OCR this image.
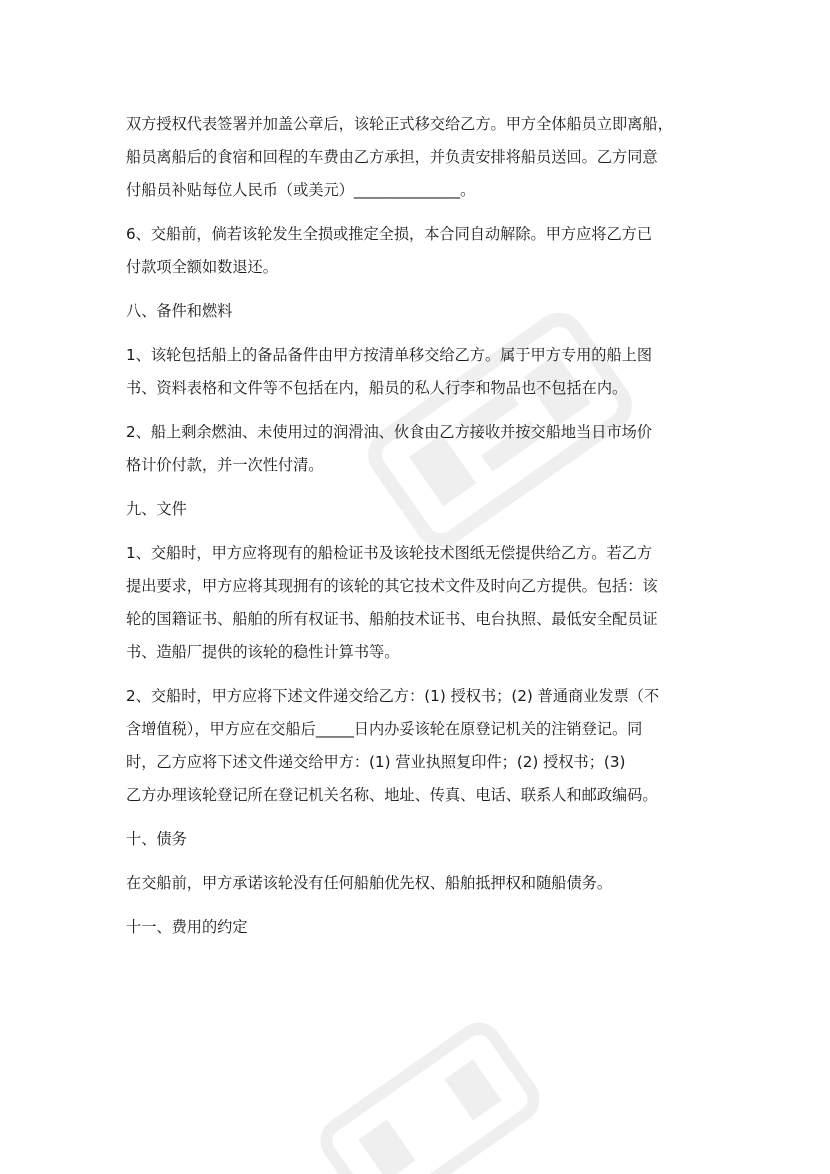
双方授权代表签署并加盖公章后，该轮正式移交给乙方。甲方全体船员立即离船，
船员离船后的食宿和回程的车费由乙方承担，并负责安排将船员送回。乙方同意
付船员补贴每位人民币（或美元）______________。
6、交船前，倘若该轮发生全损或推定全损，本合同自动解除。甲方应将乙方已
付款项全额如数退还。
八、备件和燃料
1、该轮包括船上的备品备件由甲方按清单移交给乙方。属于甲方专用的船上图
书、资料表格和文件等不包括在内，船员的私人行李和物品也不包括在内。
2、船上剩余燃油、未使用过的润滑油、伙食由乙方接收并按交船地当日市场价
格计价付款，并一次性付清。
九、文件
1、交船时，甲方应将现有的船检证书及该轮技术图纸无偿提供给乙方。若乙方
提出要求，甲方应将其现拥有的该轮的其它技术文件及时向乙方提供。包括：该
轮的国籍证书、船舶的所有权证书、船舶技术证书、电台执照、最低安全配员证
书、造船厂提供的该轮的稳性计算书等。
2、交船时，甲方应将下述文件递交给乙方：(1) 授权书；(2) 普通商业发票（不
含增值税），甲方应在交船后_____日内办妥该轮在原登记机关的注销登记。同
时，乙方应将下述文件递交给甲方：(1) 营业执照复印件；(2) 授权书；(3)
乙方办理该轮登记所在登记机关名称、地址、传真、电话、联系人和邮政编码。
十、债务
在交船前，甲方承诺该轮没有任何船舶优先权、船舶抵押权和随船债务。
十一、费用的约定
